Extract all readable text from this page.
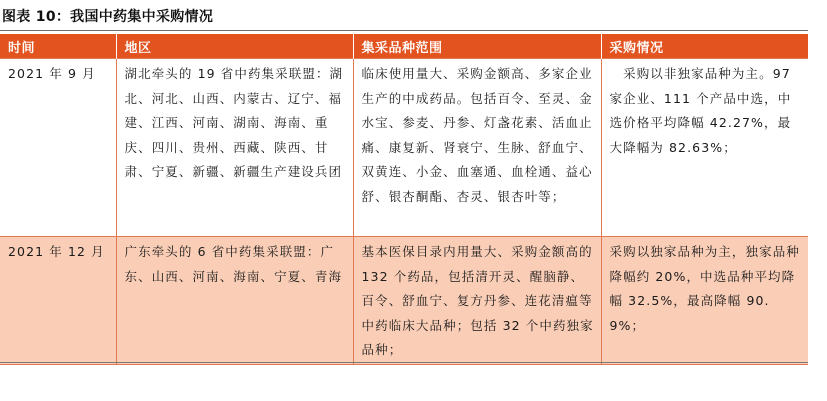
图表 10：我国中药集中采购情况
时间	地区	集采品种范围	采购情况
2021 年 9 月	湖北牵头的 19 省中药集采联盟：湖北、河北、山西、内蒙古、辽宁、福建、江西、河南、湖南、海南、重庆、四川、贵州、西藏、陕西、甘肃、宁夏、新疆、新疆生产建设兵团	临床使用量大、采购金额高、多家企业生产的中成药品。包括百令、至灵、金水宝、参麦、丹参、灯盏花素、活血止痛、康复新、肾衰宁、生脉、舒血宁、双黄连、小金、血塞通、血栓通、益心舒、银杏酮酯、杏灵、银杏叶等；	　采购以非独家品种为主。97 家企业、111 个产品中选，中选价格平均降幅 42.27%，最大降幅为 82.63%；
2021 年 12 月	广东牵头的 6 省中药集采联盟：广东、山西、河南、海南、宁夏、青海	基本医保目录内用量大、采购金额高的 132 个药品，包括清开灵、醒脑静、百令、舒血宁、复方丹参、连花清瘟等中药临床大品种；包括 32 个中药独家品种；	采购以独家品种为主，独家品种降幅约 20%，中选品种平均降幅 32.5%，最高降幅 90.9%；
